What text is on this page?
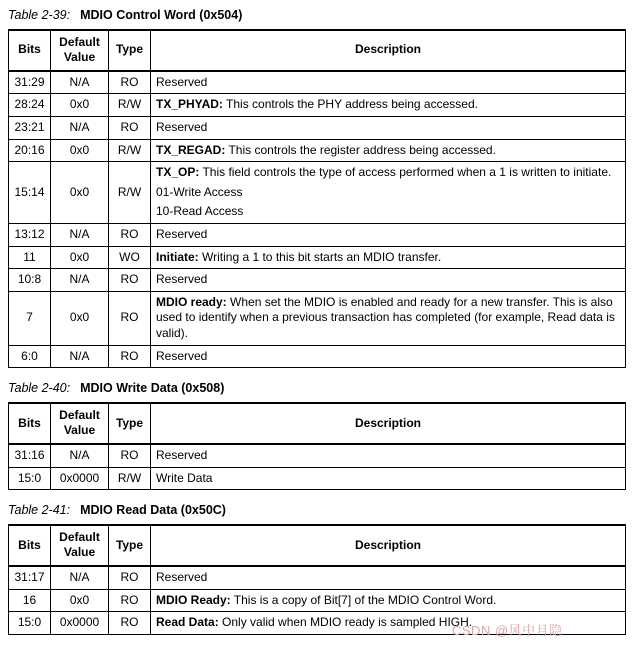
Table 2-39: MDIO Control Word (0x504)
Bits	Default Value	Type	Description
31:29	N/A	RO	Reserved

28:24	0x0	R/W	TX_PHYAD: This controls the PHY address being accessed.

23:21	N/A	RO	Reserved

20:16	0x0	R/W	TX_REGAD: This controls the register address being accessed.

15:14	0x0	R/W	TX_OP: This field controls the type of access performed when a 1 is written to initiate.
01-Write Access
10-Read Access

13:12	N/A	RO	Reserved

11	0x0	WO	Initiate: Writing a 1 to this bit starts an MDIO transfer.

10:8	N/A	RO	Reserved

7	0x0	RO	MDIO ready: When set the MDIO is enabled and ready for a new transfer. This is also used to identify when a previous transaction has completed (for example, Read data is valid).

6:0	N/A	RO	Reserved
Table 2-40: MDIO Write Data (0x508)
Bits	Default Value	Type	Description
31:16	N/A	RO	Reserved

15:0	0x0000	R/W	Write Data
Table 2-41: MDIO Read Data (0x50C)
Bits	Default Value	Type	Description
31:17	N/A	RO	Reserved

16	0x0	RO	MDIO Ready: This is a copy of Bit[7] of the MDIO Control Word.

15:0	0x0000	RO	Read Data: Only valid when MDIO ready is sampled HIGH.
CSDN @风中月隐
